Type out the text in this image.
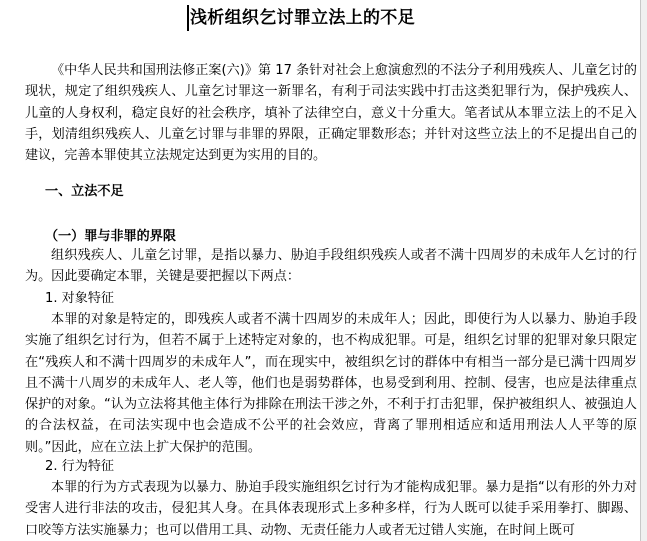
浅析组织乞讨罪立法上的不足
《中华人民共和国刑法修正案(六)》第 17 条针对社会上愈演愈烈的不法分子利用残疾人、儿童乞讨的现状，规定了组织残疾人、儿童乞讨罪这一新罪名，有利于司法实践中打击这类犯罪行为，保护残疾人、儿童的人身权利，稳定良好的社会秩序，填补了法律空白，意义十分重大。笔者试从本罪立法上的不足入手，划清组织残疾人、儿童乞讨罪与非罪的界限，正确定罪数形态；并针对这些立法上的不足提出自己的建议，完善本罪使其立法规定达到更为实用的目的。
一、立法不足
（一）罪与非罪的界限
组织残疾人、儿童乞讨罪，是指以暴力、胁迫手段组织残疾人或者不满十四周岁的未成年人乞讨的行为。因此要确定本罪，关键是要把握以下两点：
1. 对象特征
本罪的对象是特定的，即残疾人或者不满十四周岁的未成年人；因此，即使行为人以暴力、胁迫手段实施了组织乞讨行为，但若不属于上述特定对象的，也不构成犯罪。可是，组织乞讨罪的犯罪对象只限定在“残疾人和不满十四周岁的未成年人”，而在现实中，被组织乞讨的群体中有相当一部分是已满十四周岁且不满十八周岁的未成年人、老人等，他们也是弱势群体，也易受到利用、控制、侵害，也应是法律重点保护的对象。“认为立法将其他主体行为排除在刑法干涉之外，不利于打击犯罪，保护被组织人、被强迫人的合法权益，在司法实现中也会造成不公平的社会效应，背离了罪刑相适应和适用刑法人人平等的原则。”因此，应在立法上扩大保护的范围。
2. 行为特征
本罪的行为方式表现为以暴力、胁迫手段实施组织乞讨行为才能构成犯罪。暴力是指“以有形的外力对受害人进行非法的攻击，侵犯其人身。在具体表现形式上多种多样，行为人既可以徒手采用拳打、脚踢、口咬等方法实施暴力；也可以借用工具、动物、无责任能力人或者无过错人实施，在时间上既可
